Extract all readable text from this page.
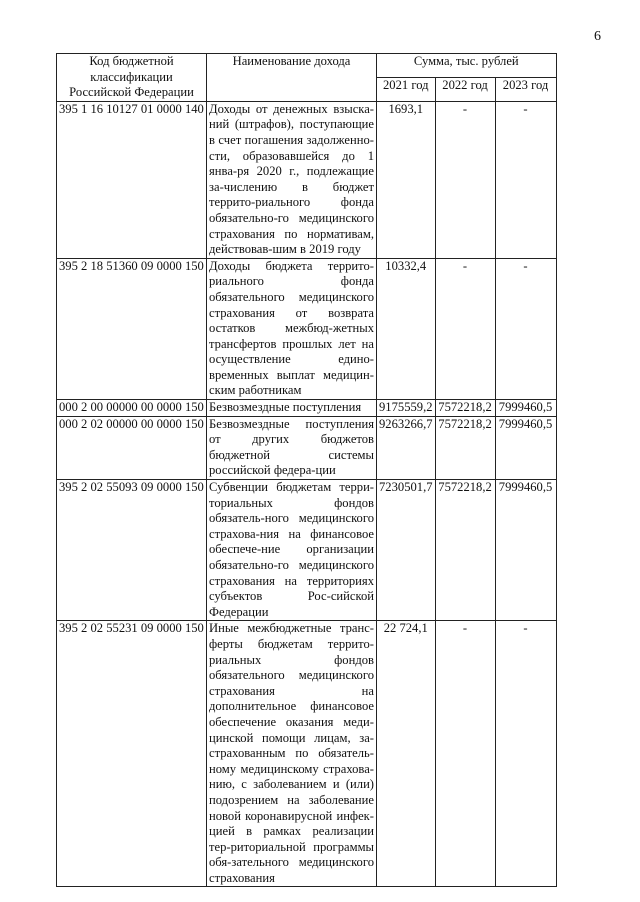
6
Код бюджетной классификации Российской Федерации	Наименование дохода	Сумма, тыс. рублей		
		2021 год	2022 год	2023 год
395 1 16 10127 01 0000 140	Доходы от денежных взыска-ний (штрафов), поступающие в счет погашения задолженно-сти, образовавшейся до 1 янва-ря 2020 г., подлежащие за-числению в бюджет террито-риального фонда обязательно-го медицинского страхования по нормативам, действовав-шим в 2019 году	1693,1	-	-
395 2 18 51360 09 0000 150	Доходы бюджета террито-риального фонда обязательного медицинского страхования от возврата остатков межбюд-жетных трансфертов прошлых лет на осуществление едино-временных выплат медицин-ским работникам	10332,4	-	-
000 2 00 00000 00 0000 150	Безвозмездные поступления	9175559,2	7572218,2	7999460,5
000 2 02 00000 00 0000 150	Безвозмездные поступления от других бюджетов бюджетной системы российской федера-ции	9263266,7	7572218,2	7999460,5
395 2 02 55093 09 0000 150	Субвенции бюджетам терри-ториальных фондов обязатель-ного медицинского страхова-ния на финансовое обеспече-ние организации обязательно-го медицинского страхования на территориях субъектов Рос-сийской Федерации	7230501,7	7572218,2	7999460,5
395 2 02 55231 09 0000 150	Иные межбюджетные транс-ферты бюджетам террито-риальных фондов обязательного медицинского страхования на дополнительное финансовое обеспечение оказания меди-цинской помощи лицам, за-страхованным по обязатель-ному медицинскому страхова-нию, с заболеванием и (или) подозрением на заболевание новой коронавирусной инфек-цией в рамках реализации тер-риториальной программы обя-зательного медицинского страхования	22 724,1	-	-
